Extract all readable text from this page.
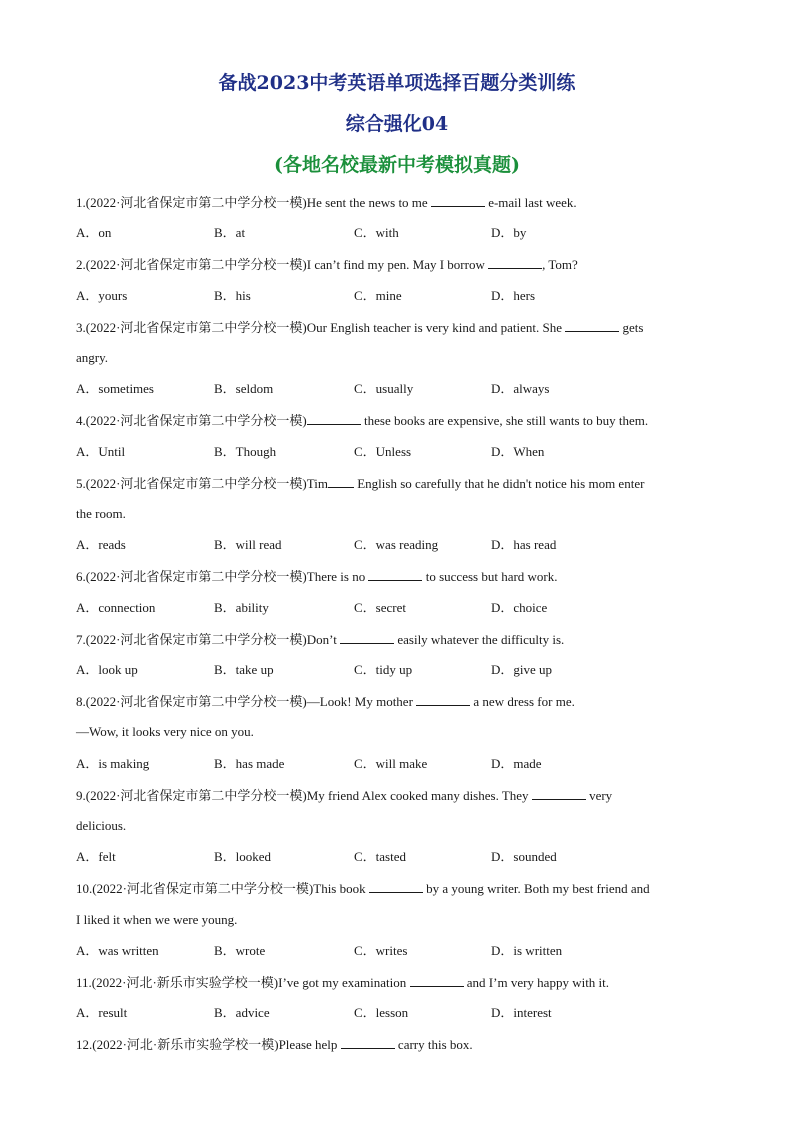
备战2023中考英语单项选择百题分类训练
综合强化04
(各地名校最新中考模拟真题)
1.(2022·河北省保定市第二中学分校一模)He sent the news to me	e-mail last week.
A．on	B．at	C．with	D．by
2.(2022·河北省保定市第二中学分校一模)I can’t find my pen. May I borrow	, Tom?
A．yours	B．his	C．mine	D．hers
3.(2022·河北省保定市第二中学分校一模)Our English teacher is very kind and patient. She	gets
angry.
A．sometimes	B．seldom	C．usually	D．always
4.(2022·河北省保定市第二中学分校一模)	these books are expensive, she still wants to buy them.
A．Until	B．Though	C．Unless	D．When
5.(2022·河北省保定市第二中学分校一模)Tim English so carefully that he didn't notice his mom enter
the room.
A．reads	B．will read	C．was reading	D．has read
6.(2022·河北省保定市第二中学分校一模)There is no	to success but hard work.
A．connection	B．ability	C．secret	D．choice
7.(2022·河北省保定市第二中学分校一模)Don’t	easily whatever the difficulty is.
A．look up	B．take up	C．tidy up	D．give up
8.(2022·河北省保定市第二中学分校一模)—Look! My mother	a new dress for me.
—Wow, it looks very nice on you.
A．is making	B．has made	C．will make	D．made
9.(2022·河北省保定市第二中学分校一模)My friend Alex cooked many dishes. They	very
delicious.
A．felt	B．looked	C．tasted	D．sounded
10.(2022·河北省保定市第二中学分校一模)This book	by a young writer. Both my best friend and
I liked it when we were young.
A．was written	B．wrote	C．writes	D．is written
11.(2022·河北·新乐市实验学校一模)I’ve got my examination	and I’m very happy with it.
A．result	B．advice	C．lesson	D．interest
12.(2022·河北·新乐市实验学校一模)Please help	carry this box.
